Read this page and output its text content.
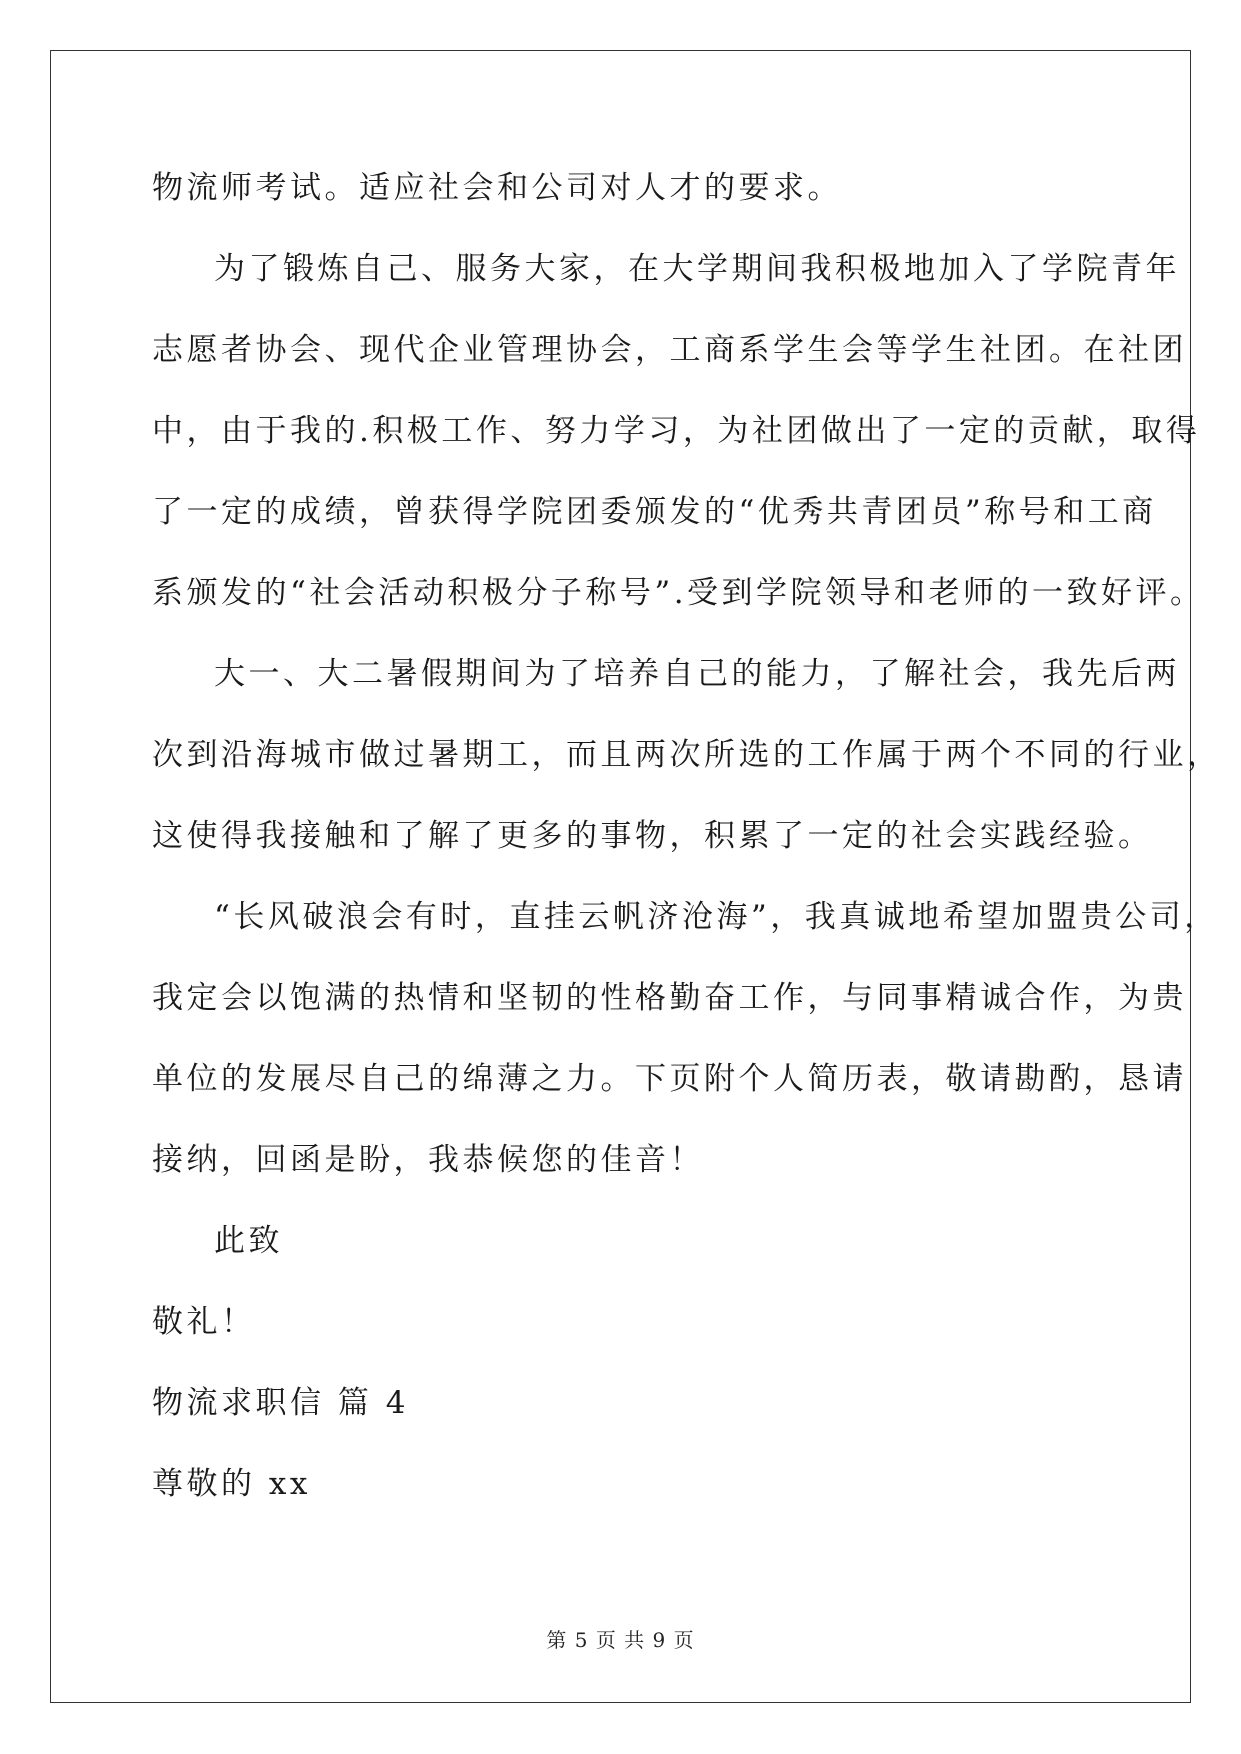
物流师考试。适应社会和公司对人才的要求。
为了锻炼自己、服务大家，在大学期间我积极地加入了学院青年
志愿者协会、现代企业管理协会，工商系学生会等学生社团。在社团
中，由于我的.积极工作、努力学习，为社团做出了一定的贡献，取得
了一定的成绩，曾获得学院团委颁发的“优秀共青团员”称号和工商
系颁发的“社会活动积极分子称号”.受到学院领导和老师的一致好评。
大一、大二暑假期间为了培养自己的能力，了解社会，我先后两
次到沿海城市做过暑期工，而且两次所选的工作属于两个不同的行业，
这使得我接触和了解了更多的事物，积累了一定的社会实践经验。
“长风破浪会有时，直挂云帆济沧海”，我真诚地希望加盟贵公司，
我定会以饱满的热情和坚韧的性格勤奋工作，与同事精诚合作，为贵
单位的发展尽自己的绵薄之力。下页附个人简历表，敬请勘酌，恳请
接纳，回函是盼，我恭候您的佳音！
此致
敬礼！
物流求职信 篇 4
尊敬的 xx
第 5 页 共 9 页
